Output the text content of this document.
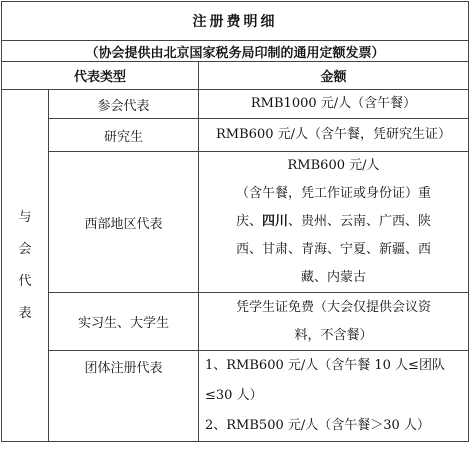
注册费明细		
（协会提供由北京国家税务局印制的通用定额发票）		
代表类型		金额

与
会
代
表	参会代表	RMB1000 元/人（含午餐）
	研究生	RMB600 元/人（含午餐，凭研究生证）
	西部地区代表	RMB600 元/人
（含午餐，凭工作证或身份证）重
庆、四川、贵州、云南、广西、陕
西、甘肃、青海、宁夏、新疆、西
藏、内蒙古

	实习生、大学生	凭学生证免费（大会仅提供会议资
料，不含餐）

	团体注册代表	1、RMB600 元/人（含午餐 10 人≤团队
≤30 人）
2、RMB500 元/人（含午餐＞30 人）
